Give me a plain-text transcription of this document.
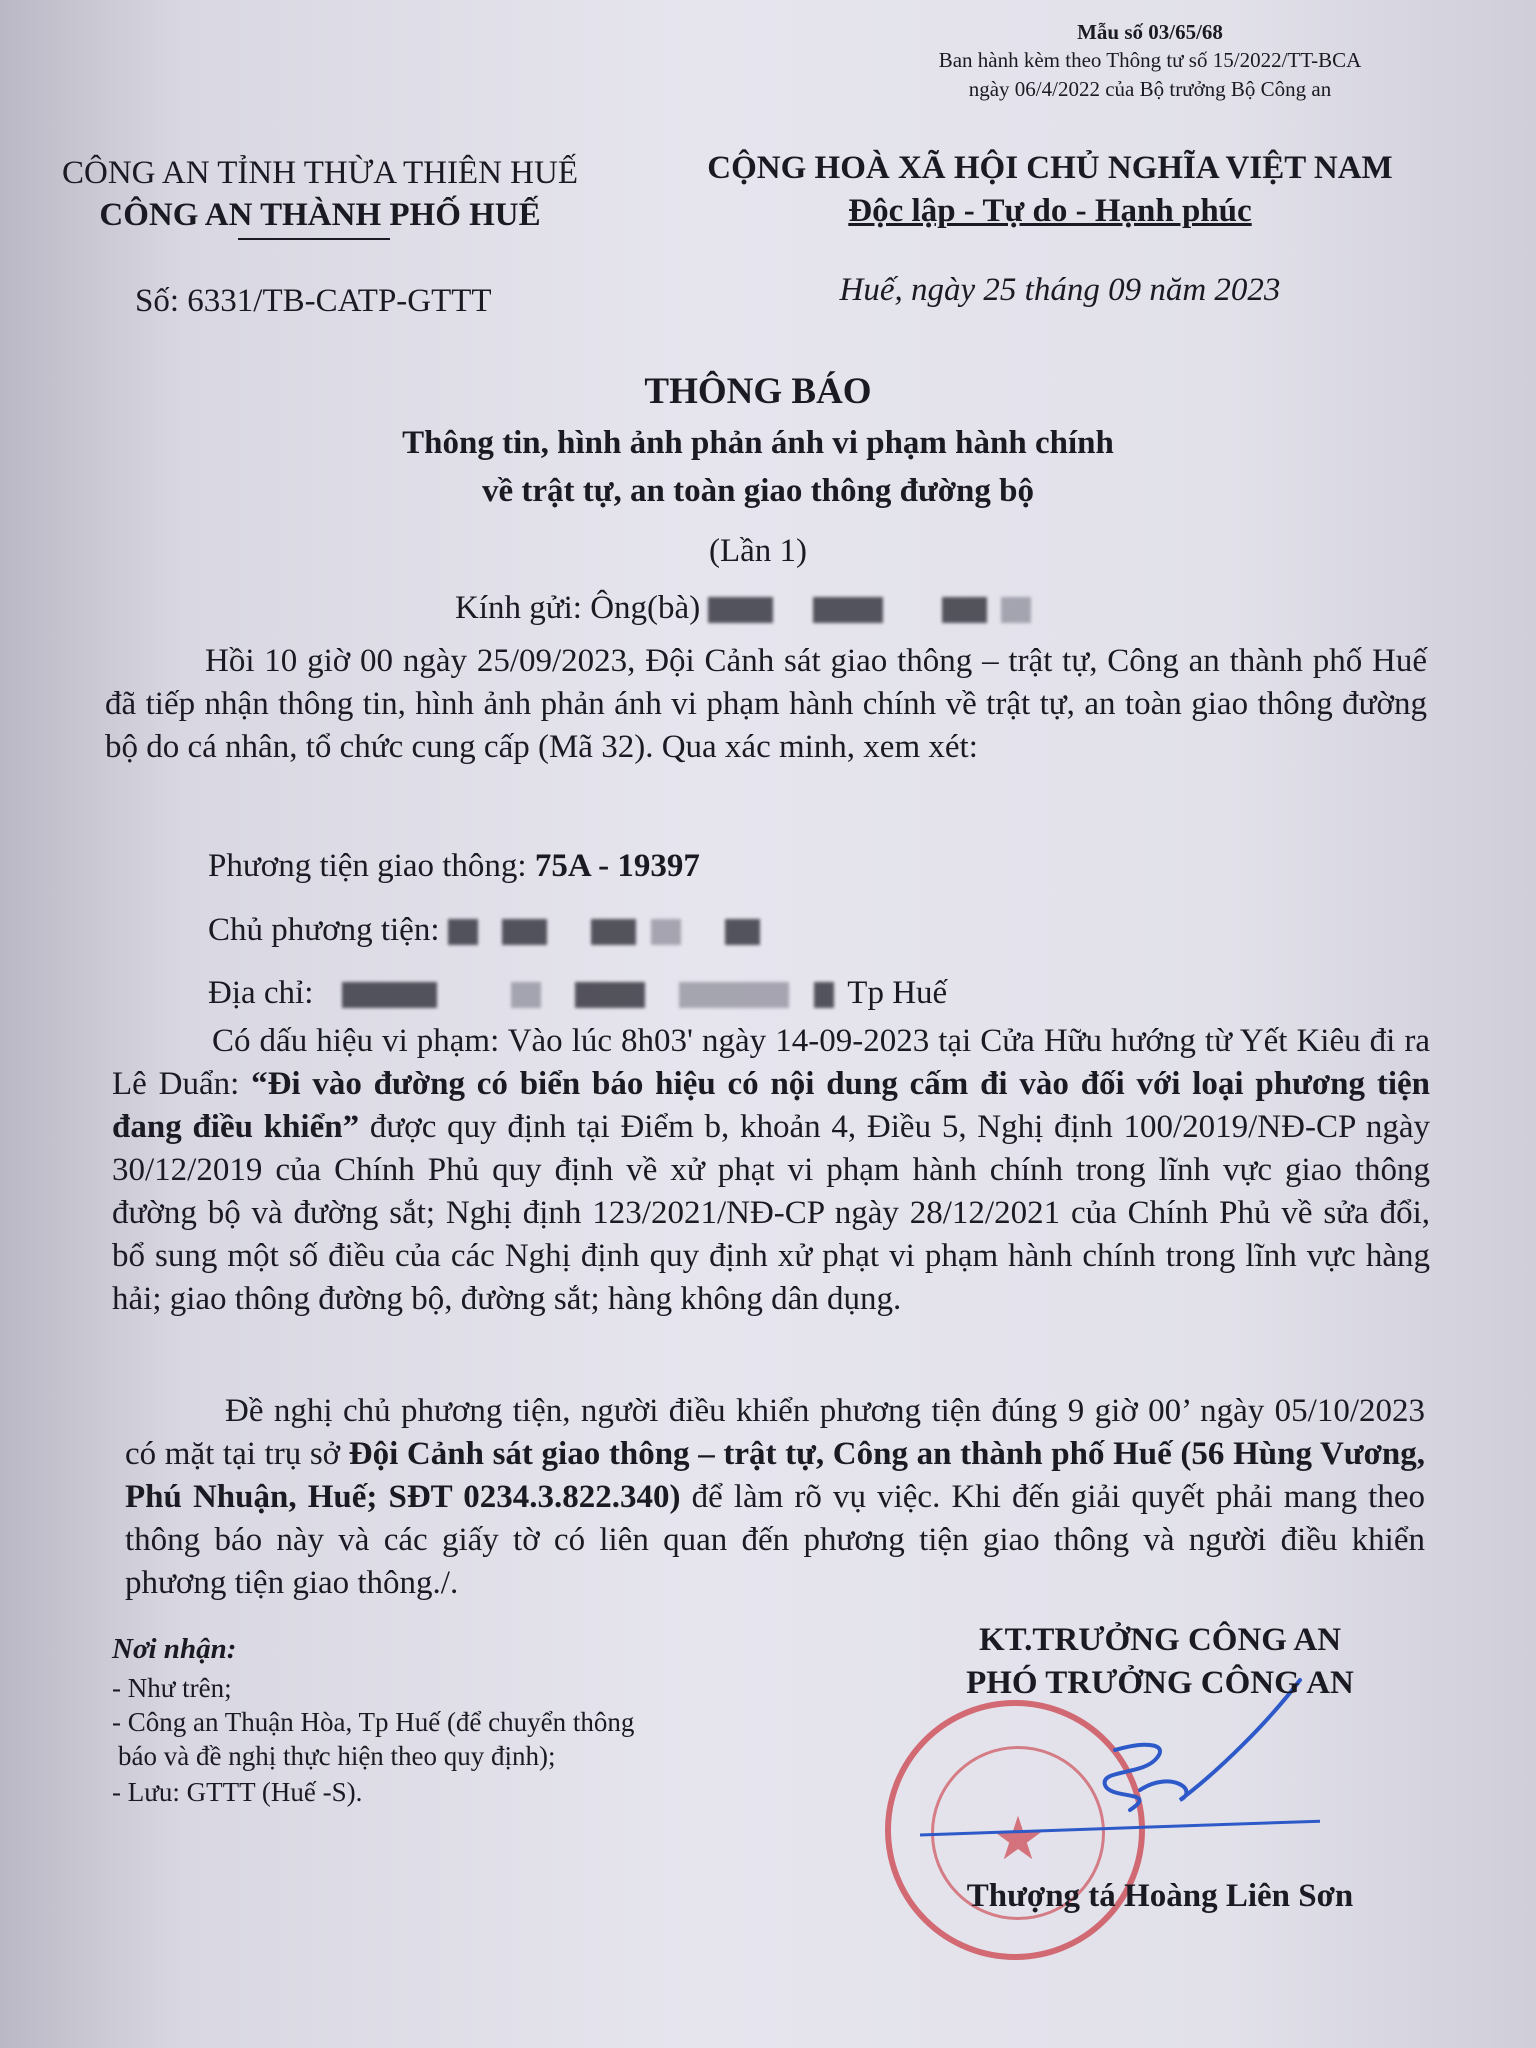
Mẫu số 03/65/68
Ban hành kèm theo Thông tư số 15/2022/TT-BCA
ngày 06/4/2022 của Bộ trưởng Bộ Công an
CÔNG AN TỈNH THỪA THIÊN HUẾ
CÔNG AN THÀNH PHỐ HUẾ
Số: 6331/TB-CATP-GTTT
CỘNG HOÀ XÃ HỘI CHỦ NGHĨA VIỆT NAM
Độc lập - Tự do - Hạnh phúc
Huế, ngày 25 tháng 09 năm 2023
THÔNG BÁO
Thông tin, hình ảnh phản ánh vi phạm hành chính
về trật tự, an toàn giao thông đường bộ
(Lần 1)
Kính gửi: Ông(bà)

Hồi 10 giờ 00 ngày 25/09/2023, Đội Cảnh sát giao thông – trật tự, Công an thành phố Huế đã tiếp nhận thông tin, hình ảnh phản ánh vi phạm hành chính về trật tự, an toàn giao thông đường bộ do cá nhân, tổ chức cung cấp (Mã 32). Qua xác minh, xem xét:

Phương tiện giao thông: 75A - 19397
Chủ phương tiện:
Địa chỉ:	Tp Huế

Có dấu hiệu vi phạm: Vào lúc 8h03' ngày 14-09-2023 tại Cửa Hữu hướng từ Yết Kiêu đi ra Lê Duẩn: “Đi vào đường có biển báo hiệu có nội dung cấm đi vào đối với loại phương tiện đang điều khiển” được quy định tại Điểm b, khoản 4, Điều 5, Nghị định 100/2019/NĐ-CP ngày 30/12/2019 của Chính Phủ quy định về xử phạt vi phạm hành chính trong lĩnh vực giao thông đường bộ và đường sắt; Nghị định 123/2021/NĐ-CP ngày 28/12/2021 của Chính Phủ về sửa đổi, bổ sung một số điều của các Nghị định quy định xử phạt vi phạm hành chính trong lĩnh vực hàng hải; giao thông đường bộ, đường sắt; hàng không dân dụng.

Đề nghị chủ phương tiện, người điều khiển phương tiện đúng 9 giờ 00’ ngày 05/10/2023 có mặt tại trụ sở Đội Cảnh sát giao thông – trật tự, Công an thành phố Huế (56 Hùng Vương, Phú Nhuận, Huế; SĐT 0234.3.822.340) để làm rõ vụ việc. Khi đến giải quyết phải mang theo thông báo này và các giấy tờ có liên quan đến phương tiện giao thông và người điều khiển phương tiện giao thông./.

Nơi nhận:
- Như trên;
- Công an Thuận Hòa, Tp Huế (để chuyển thông
báo và đề nghị thực hiện theo quy định);
- Lưu: GTTT (Huế -S).
★
KT.TRƯỞNG CÔNG AN
PHÓ TRƯỞNG CÔNG AN
Thượng tá Hoàng Liên Sơn
